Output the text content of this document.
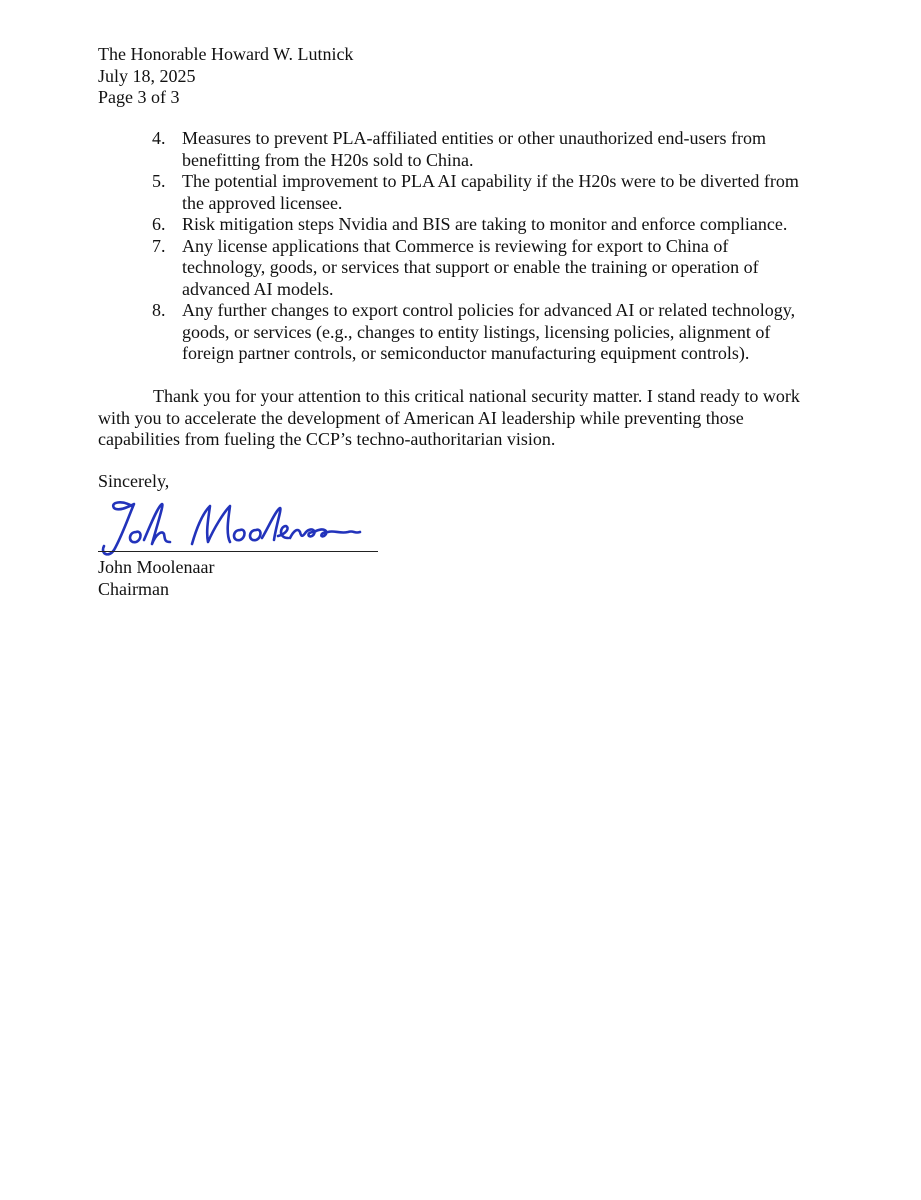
The Honorable Howard W. Lutnick
July 18, 2025
Page 3 of 3
4. Measures to prevent PLA-affiliated entities or other unauthorized end-users from
benefitting from the H20s sold to China.
5. The potential improvement to PLA AI capability if the H20s were to be diverted from
the approved licensee.
6. Risk mitigation steps Nvidia and BIS are taking to monitor and enforce compliance.
7. Any license applications that Commerce is reviewing for export to China of
technology, goods, or services that support or enable the training or operation of
advanced AI models.
8. Any further changes to export control policies for advanced AI or related technology,
goods, or services (e.g., changes to entity listings, licensing policies, alignment of
foreign partner controls, or semiconductor manufacturing equipment controls).
Thank you for your attention to this critical national security matter. I stand ready to work with you to accelerate the development of American AI leadership while preventing those capabilities from fueling the CCP’s techno-authoritarian vision.
Sincerely,
John Moolenaar
Chairman
